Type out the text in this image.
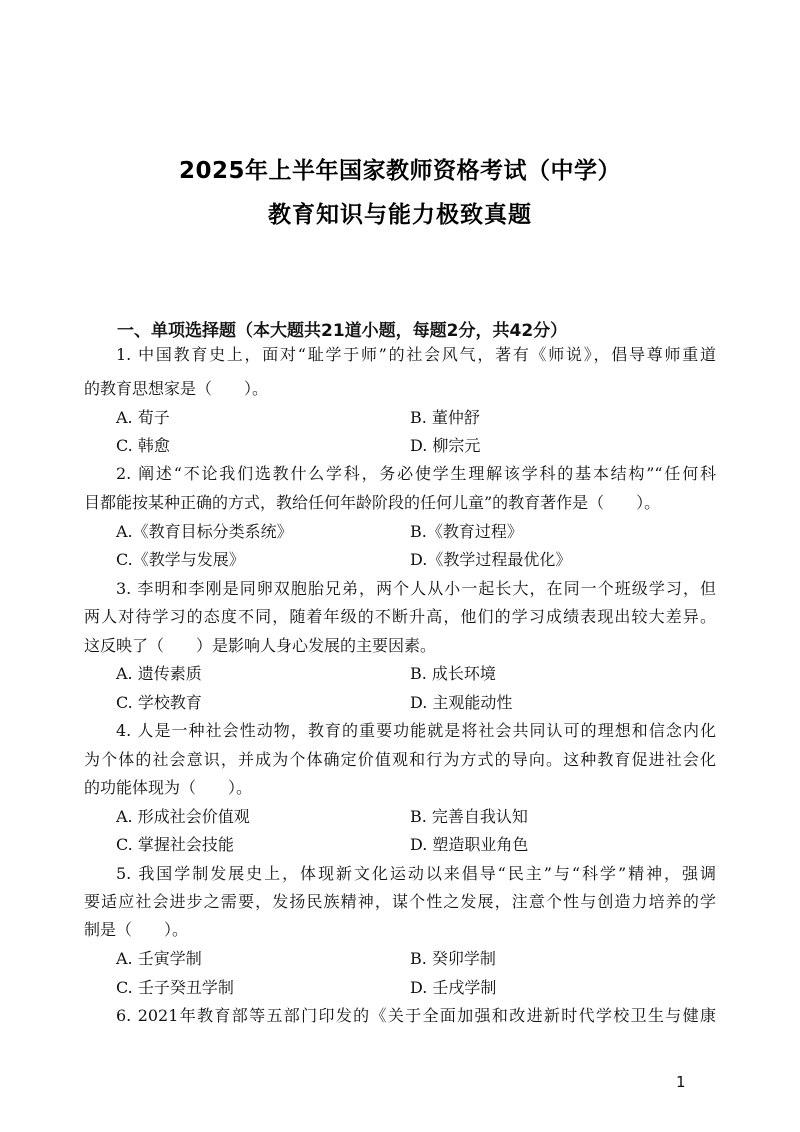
2025年上半年国家教师资格考试（中学）
教育知识与能力极致真题
一、单项选择题（本大题共21道小题，每题2分，共42分）
1. 中国教育史上，面对“耻学于师”的社会风气，著有《师说》，倡导尊师重道
的教育思想家是（　　）。
A. 荀子	B. 董仲舒
C. 韩愈	D. 柳宗元
2. 阐述“不论我们选教什么学科，务必使学生理解该学科的基本结构”“任何科
目都能按某种正确的方式，教给任何年龄阶段的任何儿童”的教育著作是（　　）。
A.《教育目标分类系统》	B.《教育过程》
C.《教学与发展》	D.《教学过程最优化》
3. 李明和李刚是同卵双胞胎兄弟，两个人从小一起长大，在同一个班级学习，但
两人对待学习的态度不同，随着年级的不断升高，他们的学习成绩表现出较大差异。
这反映了（　　）是影响人身心发展的主要因素。
A. 遗传素质	B. 成长环境
C. 学校教育	D. 主观能动性
4. 人是一种社会性动物，教育的重要功能就是将社会共同认可的理想和信念内化
为个体的社会意识，并成为个体确定价值观和行为方式的导向。这种教育促进社会化
的功能体现为（　　）。
A. 形成社会价值观	B. 完善自我认知
C. 掌握社会技能	D. 塑造职业角色
5. 我国学制发展史上，体现新文化运动以来倡导“民主”与“科学”精神，强调
要适应社会进步之需要，发扬民族精神，谋个性之发展，注意个性与创造力培养的学
制是（　　）。
A. 壬寅学制	B. 癸卯学制
C. 壬子癸丑学制	D. 壬戌学制
6. 2021年教育部等五部门印发的《关于全面加强和改进新时代学校卫生与健康
1
